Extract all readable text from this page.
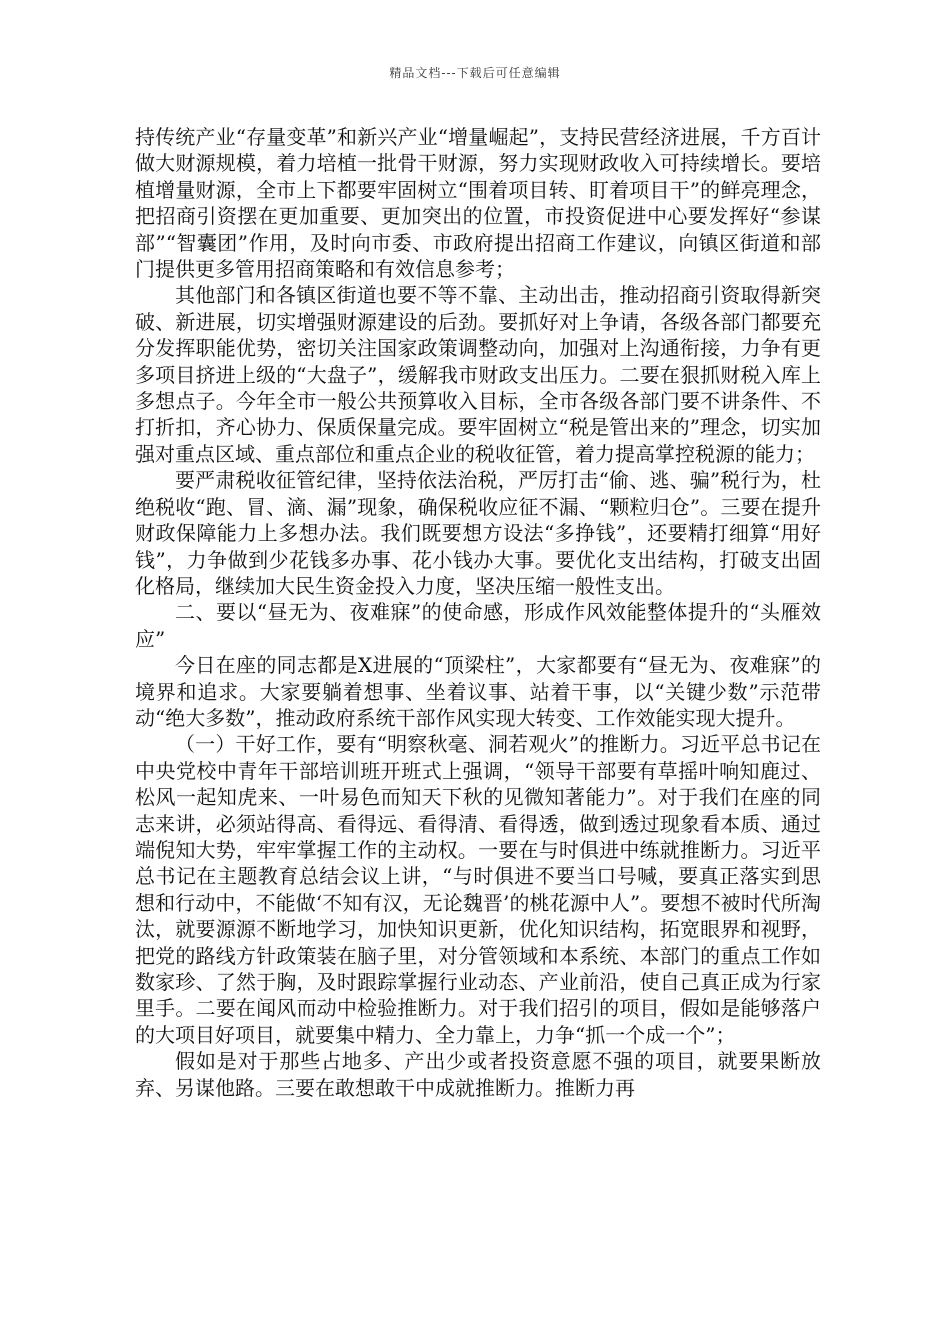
精品文档---下载后可任意编辑

持传统产业“存量变革”和新兴产业“增量崛起”，支持民营经济进展，千方百计做大财源规模，着力培植一批骨干财源，努力实现财政收入可持续增长。要培植增量财源，全市上下都要牢固树立“围着项目转、盯着项目干”的鲜亮理念，把招商引资摆在更加重要、更加突出的位置，市投资促进中心要发挥好“参谋部”“智囊团”作用，及时向市委、市政府提出招商工作建议，向镇区街道和部门提供更多管用招商策略和有效信息参考；

其他部门和各镇区街道也要不等不靠、主动出击，推动招商引资取得新突破、新进展，切实增强财源建设的后劲。要抓好对上争请，各级各部门都要充分发挥职能优势，密切关注国家政策调整动向，加强对上沟通衔接，力争有更多项目挤进上级的“大盘子”，缓解我市财政支出压力。二要在狠抓财税入库上多想点子。今年全市一般公共预算收入目标，全市各级各部门要不讲条件、不打折扣，齐心协力、保质保量完成。要牢固树立“税是管出来的”理念，切实加强对重点区域、重点部位和重点企业的税收征管，着力提高掌控税源的能力；

要严肃税收征管纪律，坚持依法治税，严厉打击“偷、逃、骗”税行为，杜绝税收“跑、冒、滴、漏”现象，确保税收应征不漏、“颗粒归仓”。三要在提升财政保障能力上多想办法。我们既要想方设法“多挣钱”，还要精打细算“用好钱”，力争做到少花钱多办事、花小钱办大事。要优化支出结构，打破支出固化格局，继续加大民生资金投入力度，坚决压缩一般性支出。

二、要以“昼无为、夜难寐”的使命感，形成作风效能整体提升的“头雁效应”

今日在座的同志都是X进展的“顶梁柱”，大家都要有“昼无为、夜难寐”的境界和追求。大家要躺着想事、坐着议事、站着干事，以“关键少数”示范带动“绝大多数”，推动政府系统干部作风实现大转变、工作效能实现大提升。

（一）干好工作，要有“明察秋毫、洞若观火”的推断力。习近平总书记在中央党校中青年干部培训班开班式上强调，“领导干部要有草摇叶响知鹿过、松风一起知虎来、一叶易色而知天下秋的见微知著能力”。对于我们在座的同志来讲，必须站得高、看得远、看得清、看得透，做到透过现象看本质、通过端倪知大势，牢牢掌握工作的主动权。一要在与时俱进中练就推断力。习近平总书记在主题教育总结会议上讲，“与时俱进不要当口号喊，要真正落实到思想和行动中，不能做‘不知有汉，无论魏晋’的桃花源中人”。要想不被时代所淘汰，就要源源不断地学习，加快知识更新，优化知识结构，拓宽眼界和视野，把党的路线方针政策装在脑子里，对分管领域和本系统、本部门的重点工作如数家珍、了然于胸，及时跟踪掌握行业动态、产业前沿，使自己真正成为行家里手。二要在闻风而动中检验推断力。对于我们招引的项目，假如是能够落户的大项目好项目，就要集中精力、全力靠上，力争“抓一个成一个”；

假如是对于那些占地多、产出少或者投资意愿不强的项目，就要果断放弃、另谋他路。三要在敢想敢干中成就推断力。推断力再
